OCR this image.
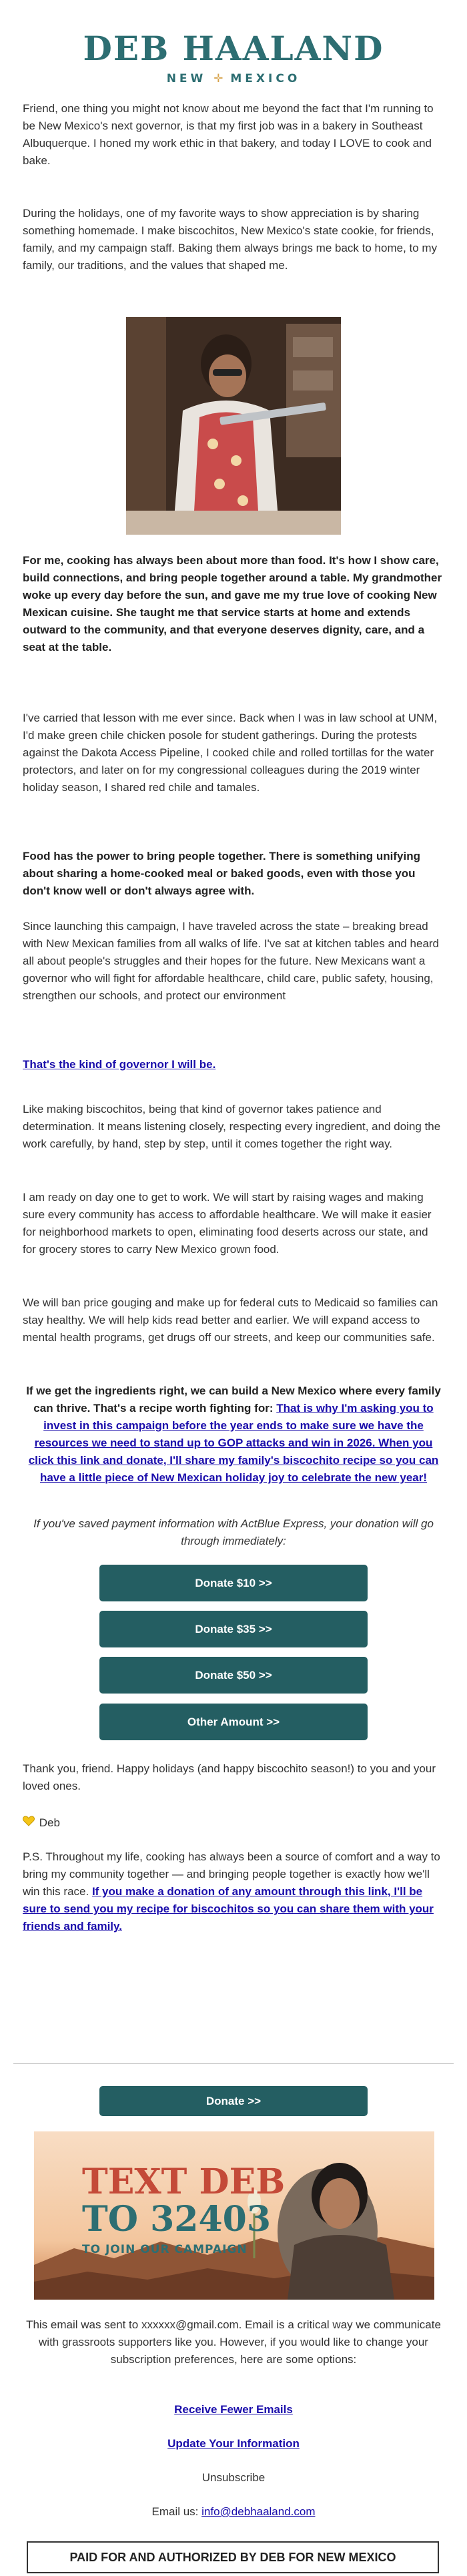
DEB HAALAND
NEW ✛ MEXICO

Friend, one thing you might not know about me beyond the fact that I'm running to be New Mexico's next governor, is that my first job was in a bakery in Southeast Albuquerque. I honed my work ethic in that bakery, and today I LOVE to cook and bake.

During the holidays, one of my favorite ways to show appreciation is by sharing something homemade. I make biscochitos, New Mexico's state cookie, for friends, family, and my campaign staff. Baking them always brings me back to home, to my family, our traditions, and the values that shaped me.

For me, cooking has always been about more than food. It's how I show care, build connections, and bring people together around a table. My grandmother woke up every day before the sun, and gave me my true love of cooking New Mexican cuisine. She taught me that service starts at home and extends outward to the community, and that everyone deserves dignity, care, and a seat at the table.

I've carried that lesson with me ever since. Back when I was in law school at UNM, I'd make green chile chicken posole for student gatherings. During the protests against the Dakota Access Pipeline, I cooked chile and rolled tortillas for the water protectors, and later on for my congressional colleagues during the 2019 winter holiday season, I shared red chile and tamales.

Food has the power to bring people together. There is something unifying about sharing a home-cooked meal or baked goods, even with those you don't know well or don't always agree with.

Since launching this campaign, I have traveled across the state – breaking bread with New Mexican families from all walks of life. I've sat at kitchen tables and heard all about people's struggles and their hopes for the future. New Mexicans want a governor who will fight for affordable healthcare, child care, public safety, housing, strengthen our schools, and protect our environment

That's the kind of governor I will be.

Like making biscochitos, being that kind of governor takes patience and determination. It means listening closely, respecting every ingredient, and doing the work carefully, by hand, step by step, until it comes together the right way.

I am ready on day one to get to work. We will start by raising wages and making sure every community has access to affordable healthcare. We will make it easier for neighborhood markets to open, eliminating food deserts across our state, and for grocery stores to carry New Mexico grown food.

We will ban price gouging and make up for federal cuts to Medicaid so families can stay healthy. We will help kids read better and earlier. We will expand access to mental health programs, get drugs off our streets, and keep our communities safe.

If we get the ingredients right, we can build a New Mexico where every family can thrive. That's a recipe worth fighting for: That is why I'm asking you to invest in this campaign before the year ends to make sure we have the resources we need to stand up to GOP attacks and win in 2026. When you click this link and donate, I'll share my family's biscochito recipe so you can have a little piece of New Mexican holiday joy to celebrate the new year!

If you've saved payment information with ActBlue Express, your donation will go through immediately:

Donate $10 >>
Donate $35 >>
Donate $50 >>
Other Amount >>

Thank you, friend. Happy holidays (and happy biscochito season!) to you and your loved ones.

Deb

P.S. Throughout my life, cooking has always been a source of comfort and a way to bring my community together — and bringing people together is exactly how we'll win this race. If you make a donation of any amount through this link, I'll be sure to send you my recipe for biscochitos so you can share them with your friends and family.

Donate >>
TEXT DEB
TO 32403
TO JOIN OUR CAMPAIGN

This email was sent to xxxxxx@gmail.com. Email is a critical way we communicate with grassroots supporters like you. However, if you would like to change your subscription preferences, here are some options:

Receive Fewer Emails

Update Your Information

Unsubscribe

Email us: info@debhaaland.com

PAID FOR AND AUTHORIZED BY DEB FOR NEW MEXICO
